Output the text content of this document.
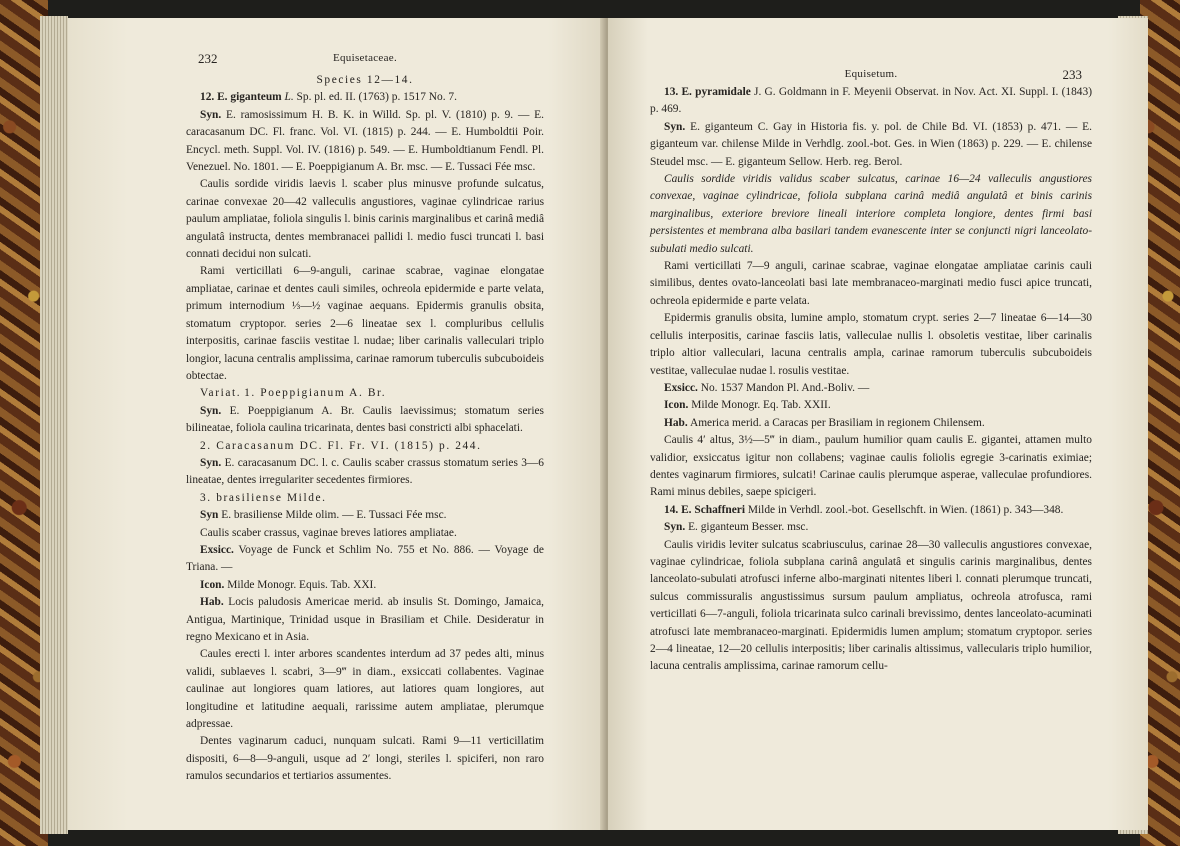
232	Equisetaceae.

Species 12—14.

12. E. giganteum L. Sp. pl. ed. II. (1763) p. 1517 No. 7.

Syn. E. ramosissimum H. B. K. in Willd. Sp. pl. V. (1810) p. 9. — E. caracasanum DC. Fl. franc. Vol. VI. (1815) p. 244. — E. Humboldtii Poir. Encycl. meth. Suppl. Vol. IV. (1816) p. 549. — E. Humboldtianum Fendl. Pl. Venezuel. No. 1801. — E. Poeppigianum A. Br. msc. — E. Tussaci Fée msc.

Caulis sordide viridis laevis l. scaber plus minusve profunde sulcatus, carinae convexae 20—42 valleculis angustiores, vaginae cylindricae rarius paulum ampliatae, foliola singulis l. binis carinis marginalibus et carinâ mediâ angulatâ instructa, dentes membranacei pallidi l. medio fusci truncati l. basi connati decidui non sulcati.

Rami verticillati 6—9-anguli, carinae scabrae, vaginae elongatae ampliatae, carinae et dentes cauli similes, ochreola epidermide e parte velata, primum internodium ⅓—½ vaginae aequans. Epidermis granulis obsita, stomatum cryptopor. series 2—6 lineatae sex l. compluribus cellulis interpositis, carinae fasciis vestitae l. nudae; liber carinalis valleculari triplo longior, lacuna centralis amplissima, carinae ramorum tuberculis subcuboideis obtectae.

Variat. 1. Poeppigianum A. Br.

Syn. E. Poeppigianum A. Br. Caulis laevissimus; stomatum series bilineatae, foliola caulina tricarinata, dentes basi constricti albi sphacelati.

2. Caracasanum DC. Fl. Fr. VI. (1815) p. 244.

Syn. E. caracasanum DC. l. c. Caulis scaber crassus stomatum series 3—6 lineatae, dentes irregulariter secedentes firmiores.

3. brasiliense Milde.

Syn E. brasiliense Milde olim. — E. Tussaci Fée msc.

Caulis scaber crassus, vaginae breves latiores ampliatae.

Exsicc. Voyage de Funck et Schlim No. 755 et No. 886. — Voyage de Triana. —

Icon. Milde Monogr. Equis. Tab. XXI.

Hab. Locis paludosis Americae merid. ab insulis St. Domingo, Jamaica, Antigua, Martinique, Trinidad usque in Brasiliam et Chile. Desideratur in regno Mexicano et in Asia.

Caules erecti l. inter arbores scandentes interdum ad 37 pedes alti, minus validi, sublaeves l. scabri, 3—9‴ in diam., exsiccati collabentes. Vaginae caulinae aut longiores quam latiores, aut latiores quam longiores, aut longitudine et latitudine aequali, rarissime autem ampliatae, plerumque adpressae.

Dentes vaginarum caduci, nunquam sulcati. Rami 9—11 verticillatim dispositi, 6—8—9-anguli, usque ad 2′ longi, steriles l. spiciferi, non raro ramulos secundarios et tertiarios assumentes.

Equisetum.	233

13. E. pyramidale J. G. Goldmann in F. Meyenii Observat. in Nov. Act. XI. Suppl. I. (1843) p. 469.

Syn. E. giganteum C. Gay in Historia fis. y. pol. de Chile Bd. VI. (1853) p. 471. — E. giganteum var. chilense Milde in Verhdlg. zool.-bot. Ges. in Wien (1863) p. 229. — E. chilense Steudel msc. — E. giganteum Sellow. Herb. reg. Berol.

Caulis sordide viridis validus scaber sulcatus, carinae 16—24 valleculis angustiores convexae, vaginae cylindricae, foliola subplana carinâ mediâ angulatâ et binis carinis marginalibus, exteriore breviore lineali interiore completa longiore, dentes firmi basi persistentes et membrana alba basilari tandem evanescente inter se conjuncti nigri lanceolato-subulati medio sulcati.

Rami verticillati 7—9 anguli, carinae scabrae, vaginae elongatae ampliatae carinis cauli similibus, dentes ovato-lanceolati basi late membranaceo-marginati medio fusci apice truncati, ochreola epidermide e parte velata.

Epidermis granulis obsita, lumine amplo, stomatum crypt. series 2—7 lineatae 6—14—30 cellulis interpositis, carinae fasciis latis, valleculae nullis l. obsoletis vestitae, liber carinalis triplo altior valleculari, lacuna centralis ampla, carinae ramorum tuberculis subcuboideis vestitae, valleculae nudae l. rosulis vestitae.

Exsicc. No. 1537 Mandon Pl. And.-Boliv. —

Icon. Milde Monogr. Eq. Tab. XXII.

Hab. America merid. a Caracas per Brasiliam in regionem Chilensem.

Caulis 4′ altus, 3½—5‴ in diam., paulum humilior quam caulis E. gigantei, attamen multo validior, exsiccatus igitur non collabens; vaginae caulis foliolis egregie 3-carinatis eximiae; dentes vaginarum firmiores, sulcati! Carinae caulis plerumque asperae, valleculae profundiores. Rami minus debiles, saepe spicigeri.

14. E. Schaffneri Milde in Verhdl. zool.-bot. Gesellschft. in Wien. (1861) p. 343—348.

Syn. E. giganteum Besser. msc.

Caulis viridis leviter sulcatus scabriusculus, carinae 28—30 valleculis angustiores convexae, vaginae cylindricae, foliola subplana carinâ angulatâ et singulis carinis marginalibus, dentes lanceolato-subulati atrofusci inferne albo-marginati nitentes liberi l. connati plerumque truncati, sulcus commissuralis angustissimus sursum paulum ampliatus, ochreola atrofusca, rami verticillati 6—7-anguli, foliola tricarinata sulco carinali brevissimo, dentes lanceolato-acuminati atrofusci late membranaceo-marginati. Epidermidis lumen amplum; stomatum cryptopor. series 2—4 lineatae, 12—20 cellulis interpositis; liber carinalis altissimus, vallecularis triplo humilior, lacuna centralis amplissima, carinae ramorum cellu-
